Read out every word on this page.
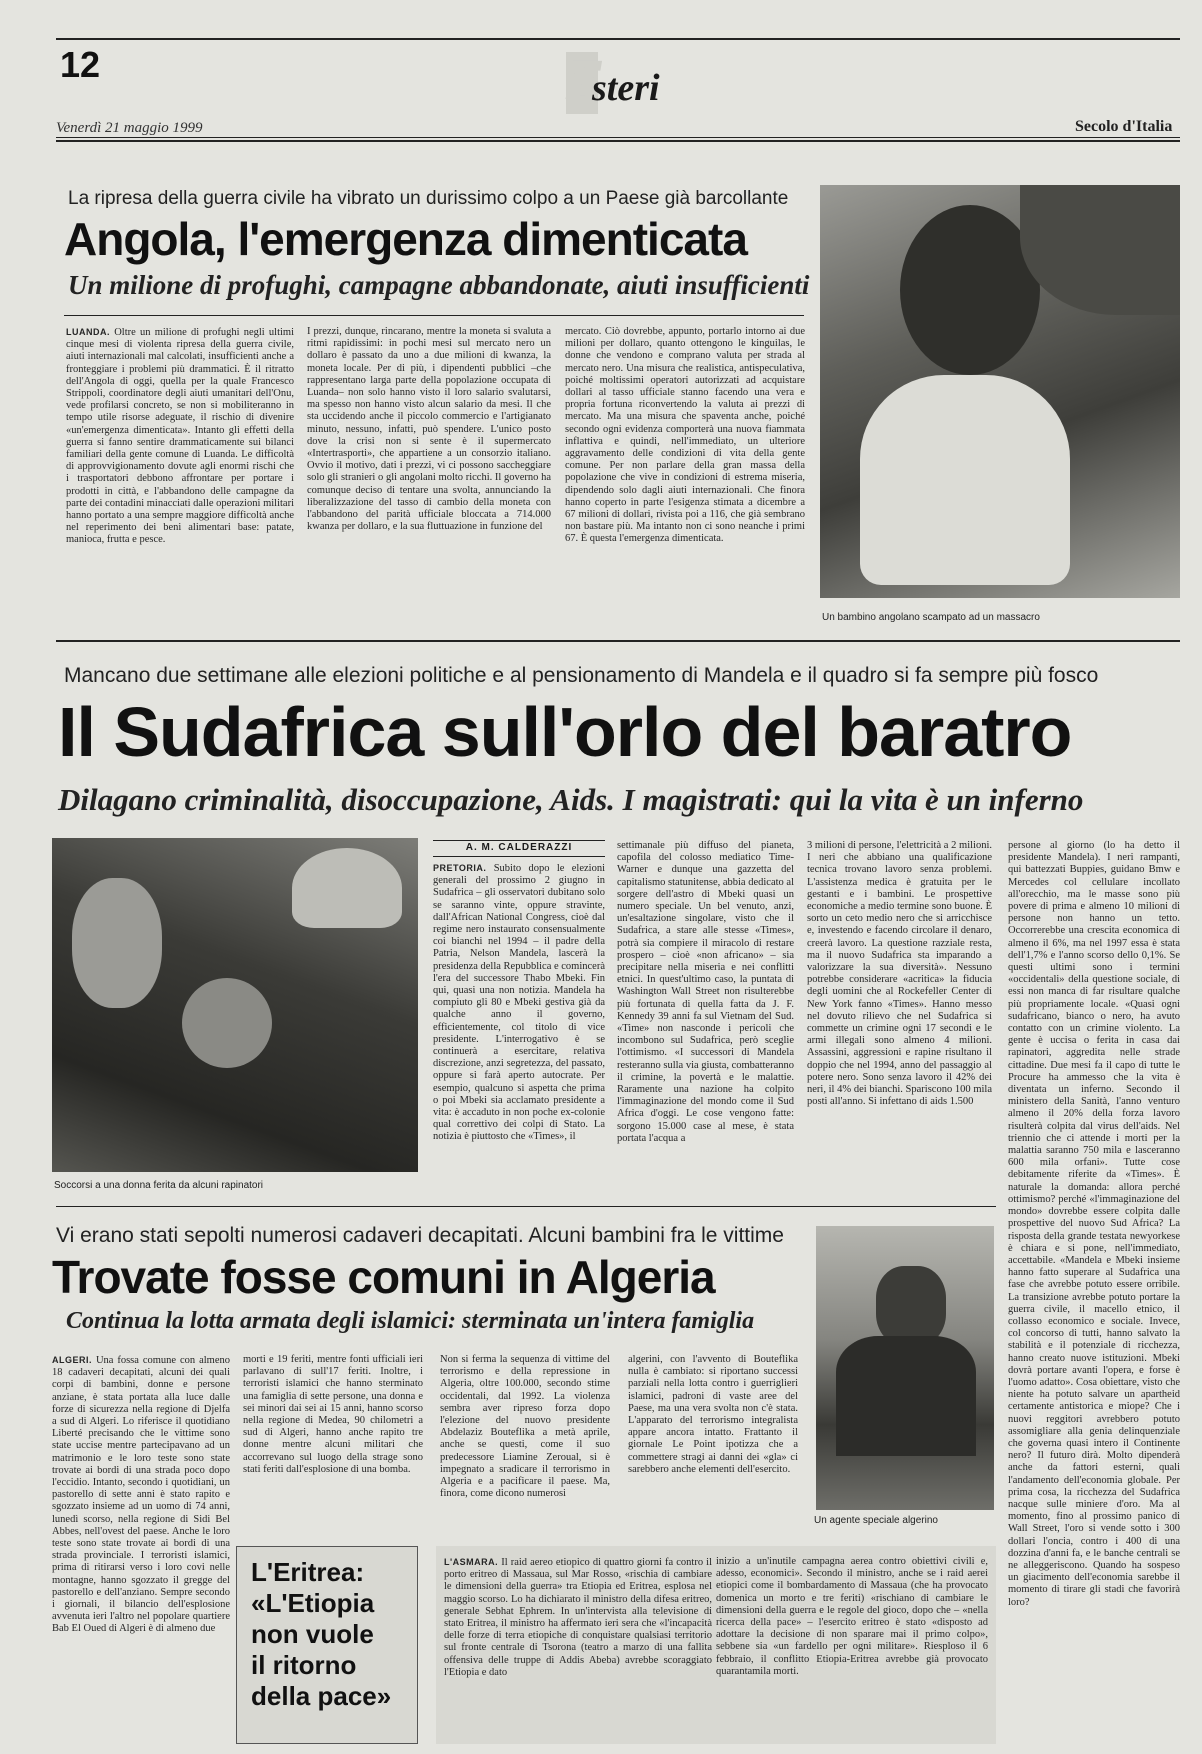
12	E
steri
Venerdì 21 maggio 1999	Secolo d'Italia
La ripresa della guerra civile ha vibrato un durissimo colpo a un Paese già barcollante
Angola, l'emergenza dimenticata
Un milione di profughi, campagne abbandonate, aiuti insufficienti

LUANDA. Oltre un milione di profughi negli ultimi cinque mesi di violenta ripresa della guerra civile, aiuti internazionali mal calcolati, insufficienti anche a fronteggiare i problemi più drammatici. È il ritratto dell'Angola di oggi, quella per la quale Francesco Strippoli, coordinatore degli aiuti umanitari dell'Onu, vede profilarsi concreto, se non si mobiliteranno in tempo utile risorse adeguate, il rischio di divenire «un'emergenza dimenticata». Intanto gli effetti della guerra si fanno sentire drammaticamente sui bilanci familiari della gente comune di Luanda. Le difficoltà di approvvigionamento dovute agli enormi rischi che i trasportatori debbono affrontare per portare i prodotti in città, e l'abbandono delle campagne da parte dei contadini minacciati dalle operazioni militari hanno portato a una sempre maggiore difficoltà anche nel reperimento dei beni alimentari base: patate, manioca, frutta e pesce.

I prezzi, dunque, rincarano, mentre la moneta si svaluta a ritmi rapidissimi: in pochi mesi sul mercato nero un dollaro è passato da uno a due milioni di kwanza, la moneta locale. Per di più, i dipendenti pubblici –che rappresentano larga parte della popolazione occupata di Luanda– non solo hanno visto il loro salario svalutarsi, ma spesso non hanno visto alcun salario da mesi. Il che sta uccidendo anche il piccolo commercio e l'artigianato minuto, nessuno, infatti, può spendere. L'unico posto dove la crisi non si sente è il supermercato «Intertrasporti», che appartiene a un consorzio italiano. Ovvio il motivo, dati i prezzi, vi ci possono saccheggiare solo gli stranieri o gli angolani molto ricchi. Il governo ha comunque deciso di tentare una svolta, annunciando la liberalizzazione del tasso di cambio della moneta con l'abbandono del parità ufficiale bloccata a 714.000 kwanza per dollaro, e la sua fluttuazione in funzione del

mercato. Ciò dovrebbe, appunto, portarlo intorno ai due milioni per dollaro, quanto ottengono le kinguilas, le donne che vendono e comprano valuta per strada al mercato nero. Una misura che realistica, antispeculativa, poiché moltissimi operatori autorizzati ad acquistare dollari al tasso ufficiale stanno facendo una vera e propria fortuna riconvertendo la valuta ai prezzi di mercato. Ma una misura che spaventa anche, poiché secondo ogni evidenza comporterà una nuova fiammata inflattiva e quindi, nell'immediato, un ulteriore aggravamento delle condizioni di vita della gente comune. Per non parlare della gran massa della popolazione che vive in condizioni di estrema miseria, dipendendo solo dagli aiuti internazionali. Che finora hanno coperto in parte l'esigenza stimata a dicembre a 67 milioni di dollari, rivista poi a 116, che già sembrano non bastare più. Ma intanto non ci sono neanche i primi 67. È questa l'emergenza dimenticata.

Un bambino angolano scampato ad un massacro
Mancano due settimane alle elezioni politiche e al pensionamento di Mandela e il quadro si fa sempre più fosco
Il Sudafrica sull'orlo del baratro
Dilagano criminalità, disoccupazione, Aids. I magistrati: qui la vita è un inferno
Soccorsi a una donna ferita da alcuni rapinatori
A. M. CALDERAZZI

PRETORIA. Subito dopo le elezioni generali del prossimo 2 giugno in Sudafrica – gli osservatori dubitano solo se saranno vinte, oppure stravinte, dall'African National Congress, cioè dal regime nero instaurato consensualmente coi bianchi nel 1994 – il padre della Patria, Nelson Mandela, lascerà la presidenza della Repubblica e comincerà l'era del successore Thabo Mbeki. Fin qui, quasi una non notizia. Mandela ha compiuto gli 80 e Mbeki gestiva già da qualche anno il governo, efficientemente, col titolo di vice presidente. L'interrogativo è se continuerà a esercitare, relativa discrezione, anzi segretezza, del passato, oppure si farà aperto autocrate. Per esempio, qualcuno si aspetta che prima o poi Mbeki sia acclamato presidente a vita: è accaduto in non poche ex-colonie qual correttivo dei colpi di Stato. La notizia è piuttosto che «Times», il

settimanale più diffuso del pianeta, capofila del colosso mediatico Time-Warner e dunque una gazzetta del capitalismo statunitense, abbia dedicato al sorgere dell'astro di Mbeki quasi un numero speciale. Un bel venuto, anzi, un'esaltazione singolare, visto che il Sudafrica, a stare alle stesse «Times», potrà sia compiere il miracolo di restare prospero – cioè «non africano» – sia precipitare nella miseria e nei conflitti etnici. In quest'ultimo caso, la puntata di Washington Wall Street non risulterebbe più fortunata di quella fatta da J. F. Kennedy 39 anni fa sul Vietnam del Sud. «Time» non nasconde i pericoli che incombono sul Sudafrica, però sceglie l'ottimismo. «I successori di Mandela resteranno sulla via giusta, combatteranno il crimine, la povertà e le malattie. Raramente una nazione ha colpito l'immaginazione del mondo come il Sud Africa d'oggi. Le cose vengono fatte: sorgono 15.000 case al mese, è stata portata l'acqua a

3 milioni di persone, l'elettricità a 2 milioni. I neri che abbiano una qualificazione tecnica trovano lavoro senza problemi. L'assistenza medica è gratuita per le gestanti e i bambini. Le prospettive economiche a medio termine sono buone. È sorto un ceto medio nero che si arricchisce e, investendo e facendo circolare il denaro, creerà lavoro. La questione razziale resta, ma il nuovo Sudafrica sta imparando a valorizzare la sua diversità». Nessuno potrebbe considerare «acritica» la fiducia degli uomini che al Rockefeller Center di New York fanno «Times». Hanno messo nel dovuto rilievo che nel Sudafrica si commette un crimine ogni 17 secondi e le armi illegali sono almeno 4 milioni. Assassini, aggressioni e rapine risultano il doppio che nel 1994, anno del passaggio al potere nero. Sono senza lavoro il 42% dei neri, il 4% dei bianchi. Spariscono 100 mila posti all'anno. Si infettano di aids 1.500

persone al giorno (lo ha detto il presidente Mandela). I neri rampanti, qui battezzati Buppies, guidano Bmw e Mercedes col cellulare incollato all'orecchio, ma le masse sono più povere di prima e almeno 10 milioni di persone non hanno un tetto. Occorrerebbe una crescita economica di almeno il 6%, ma nel 1997 essa è stata dell'1,7% e l'anno scorso dello 0,1%. Se questi ultimi sono i termini «occidentali» della questione sociale, di essi non manca di far risultare qualche più propriamente locale. «Quasi ogni sudafricano, bianco o nero, ha avuto contatto con un crimine violento. La gente è uccisa o ferita in casa dai rapinatori, aggredita nelle strade cittadine. Due mesi fa il capo di tutte le Procure ha ammesso che la vita è diventata un inferno. Secondo il ministero della Sanità, l'anno venturo almeno il 20% della forza lavoro risulterà colpita dal virus dell'aids. Nel triennio che ci attende i morti per la malattia saranno 750 mila e lasceranno 600 mila orfani». Tutte cose debitamente riferite da «Times». È naturale la domanda: allora perché ottimismo? perché «l'immaginazione del mondo» dovrebbe essere colpita dalle prospettive del nuovo Sud Africa? La risposta della grande testata newyorkese è chiara e si pone, nell'immediato, accettabile. «Mandela e Mbeki insieme hanno fatto superare al Sudafrica una fase che avrebbe potuto essere orribile. La transizione avrebbe potuto portare la guerra civile, il macello etnico, il collasso economico e sociale. Invece, col concorso di tutti, hanno salvato la stabilità e il potenziale di ricchezza, hanno creato nuove istituzioni. Mbeki dovrà portare avanti l'opera, e forse è l'uomo adatto». Cosa obiettare, visto che niente ha potuto salvare un apartheid certamente antistorica e miope? Che i nuovi reggitori avrebbero potuto assomigliare alla genia delinquenziale che governa quasi intero il Continente nero? Il futuro dirà. Molto dipenderà anche da fattori esterni, quali l'andamento dell'economia globale. Per prima cosa, la ricchezza del Sudafrica nacque sulle miniere d'oro. Ma al momento, fino al prossimo panico di Wall Street, l'oro si vende sotto i 300 dollari l'oncia, contro i 400 di una dozzina d'anni fa, e le banche centrali se ne alleggeriscono. Quando ha sospeso un giacimento dell'economia sarebbe il momento di tirare gli stadi che favorirà loro?

Vi erano stati sepolti numerosi cadaveri decapitati. Alcuni bambini fra le vittime
Trovate fosse comuni in Algeria
Continua la lotta armata degli islamici: sterminata un'intera famiglia

ALGERI. Una fossa comune con almeno 18 cadaveri decapitati, alcuni dei quali corpi di bambini, donne e persone anziane, è stata portata alla luce dalle forze di sicurezza nella regione di Djelfa a sud di Algeri. Lo riferisce il quotidiano Liberté precisando che le vittime sono state uccise mentre partecipavano ad un matrimonio e le loro teste sono state trovate ai bordi di una strada poco dopo l'eccidio. Intanto, secondo i quotidiani, un pastorello di sette anni è stato rapito e sgozzato insieme ad un uomo di 74 anni, lunedì scorso, nella regione di Sidi Bel Abbes, nell'ovest del paese. Anche le loro teste sono state trovate ai bordi di una strada provinciale. I terroristi islamici, prima di ritirarsi verso i loro covi nelle montagne, hanno sgozzato il gregge del pastorello e dell'anziano. Sempre secondo i giornali, il bilancio dell'esplosione avvenuta ieri l'altro nel popolare quartiere Bab El Oued di Algeri è di almeno due

morti e 19 feriti, mentre fonti ufficiali ieri parlavano di sull'17 feriti. Inoltre, i terroristi islamici che hanno sterminato una famiglia di sette persone, una donna e sei minori dai sei ai 15 anni, hanno scorso nella regione di Medea, 90 chilometri a sud di Algeri, hanno anche rapito tre donne mentre alcuni militari che accorrevano sul luogo della strage sono stati feriti dall'esplosione di una bomba.

Non si ferma la sequenza di vittime del terrorismo e della repressione in Algeria, oltre 100.000, secondo stime occidentali, dal 1992. La violenza sembra aver ripreso forza dopo l'elezione del nuovo presidente Abdelaziz Bouteflika a metà aprile, anche se questi, come il suo predecessore Liamine Zeroual, si è impegnato a sradicare il terrorismo in Algeria e a pacificare il paese. Ma, finora, come dicono numerosi

algerini, con l'avvento di Bouteflika nulla è cambiato: si riportano successi parziali nella lotta contro i guerriglieri islamici, padroni di vaste aree del Paese, ma una vera svolta non c'è stata. L'apparato del terrorismo integralista appare ancora intatto. Frattanto il giornale Le Point ipotizza che a commettere stragi ai danni dei «gla» ci sarebbero anche elementi dell'esercito.

Un agente speciale algerino
L'Eritrea:
«L'Etiopia
non vuole
il ritorno
della pace»

L'ASMARA. Il raid aereo etiopico di quattro giorni fa contro il porto eritreo di Massaua, sul Mar Rosso, «rischia di cambiare le dimensioni della guerra» tra Etiopia ed Eritrea, esplosa nel maggio scorso. Lo ha dichiarato il ministro della difesa eritreo, generale Sebhat Ephrem. In un'intervista alla televisione di stato Eritrea, il ministro ha affermato ieri sera che «l'incapacità delle forze di terra etiopiche di conquistare qualsiasi territorio sul fronte centrale di Tsorona (teatro a marzo di una fallita offensiva delle truppe di Addis Abeba) avrebbe scoraggiato l'Etiopia e dato

inizio a un'inutile campagna aerea contro obiettivi civili e, adesso, economici». Secondo il ministro, anche se i raid aerei etiopici come il bombardamento di Massaua (che ha provocato domenica un morto e tre feriti) «rischiano di cambiare le dimensioni della guerra e le regole del gioco, dopo che – «nella ricerca della pace» – l'esercito eritreo è stato «disposto ad adottare la decisione di non sparare mai il primo colpo», sebbene sia «un fardello per ogni militare». Riesploso il 6 febbraio, il conflitto Etiopia-Eritrea avrebbe già provocato quarantamila morti.
